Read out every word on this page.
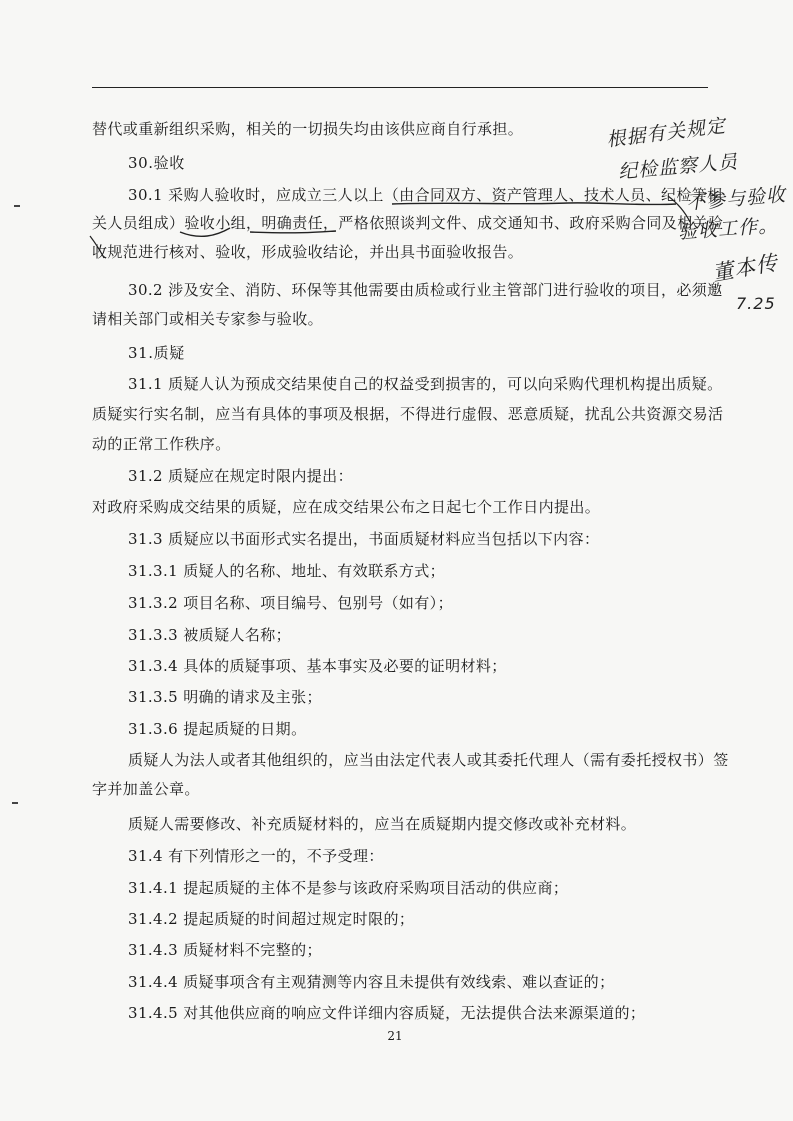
替代或重新组织采购，相关的一切损失均由该供应商自行承担。
30.验收
30.1 采购人验收时，应成立三人以上（由合同双方、资产管理人、技术人员、纪检等相
关人员组成）验收小组，明确责任，严格依照谈判文件、成交通知书、政府采购合同及相关验
收规范进行核对、验收，形成验收结论，并出具书面验收报告。
30.2 涉及安全、消防、环保等其他需要由质检或行业主管部门进行验收的项目，必须邀
请相关部门或相关专家参与验收。
31.质疑
31.1 质疑人认为预成交结果使自己的权益受到损害的，可以向采购代理机构提出质疑。
质疑实行实名制，应当有具体的事项及根据，不得进行虚假、恶意质疑，扰乱公共资源交易活
动的正常工作秩序。
31.2 质疑应在规定时限内提出：
对政府采购成交结果的质疑，应在成交结果公布之日起七个工作日内提出。
31.3 质疑应以书面形式实名提出，书面质疑材料应当包括以下内容：
31.3.1 质疑人的名称、地址、有效联系方式；
31.3.2 项目名称、项目编号、包别号（如有）；
31.3.3 被质疑人名称；
31.3.4 具体的质疑事项、基本事实及必要的证明材料；
31.3.5 明确的请求及主张；
31.3.6 提起质疑的日期。
质疑人为法人或者其他组织的，应当由法定代表人或其委托代理人（需有委托授权书）签
字并加盖公章。
质疑人需要修改、补充质疑材料的，应当在质疑期内提交修改或补充材料。
31.4 有下列情形之一的，不予受理：
31.4.1 提起质疑的主体不是参与该政府采购项目活动的供应商；
31.4.2 提起质疑的时间超过规定时限的；
31.4.3 质疑材料不完整的；
31.4.4 质疑事项含有主观猜测等内容且未提供有效线索、难以查证的；
31.4.5 对其他供应商的响应文件详细内容质疑，无法提供合法来源渠道的；
21
根据有关规定
纪检监察人员
不参与验收
验收工作。
董本传
7.25
